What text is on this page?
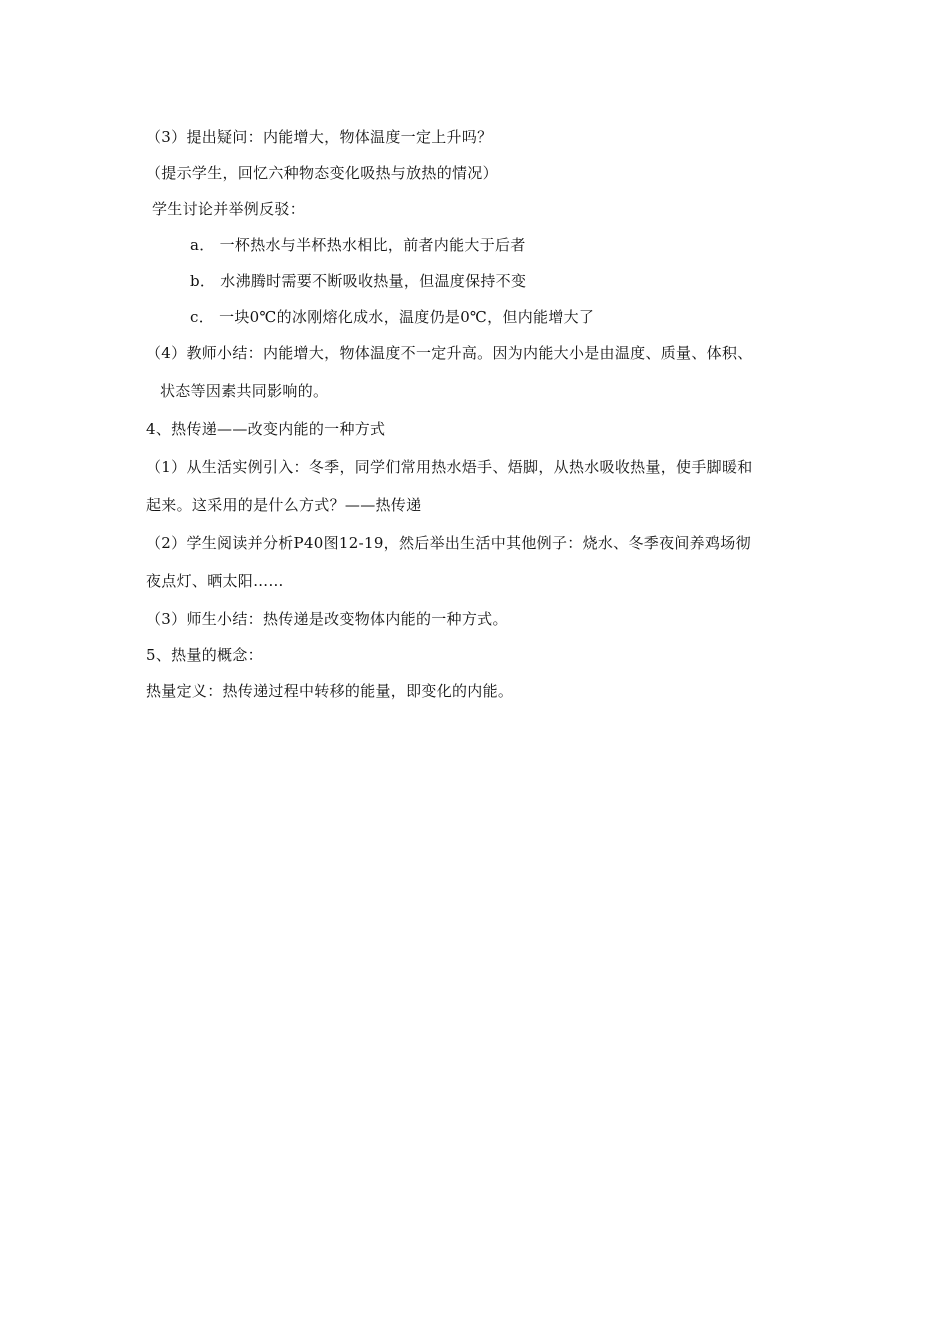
（3）提出疑问：内能增大，物体温度一定上升吗？
（提示学生，回忆六种物态变化吸热与放热的情况）
学生讨论并举例反驳：
a． 一杯热水与半杯热水相比，前者内能大于后者
b． 水沸腾时需要不断吸收热量，但温度保持不变
c． 一块0℃的冰刚熔化成水，温度仍是0℃，但内能增大了
（4）教师小结：内能增大，物体温度不一定升高。因为内能大小是由温度、质量、体积、
状态等因素共同影响的。
4、热传递——改变内能的一种方式
（1）从生活实例引入：冬季，同学们常用热水焐手、焐脚，从热水吸收热量，使手脚暖和
起来。这采用的是什么方式？——热传递
（2）学生阅读并分析P40图12-19，然后举出生活中其他例子：烧水、冬季夜间养鸡场彻
夜点灯、晒太阳……
（3）师生小结：热传递是改变物体内能的一种方式。
5、热量的概念：
热量定义：热传递过程中转移的能量，即变化的内能。
